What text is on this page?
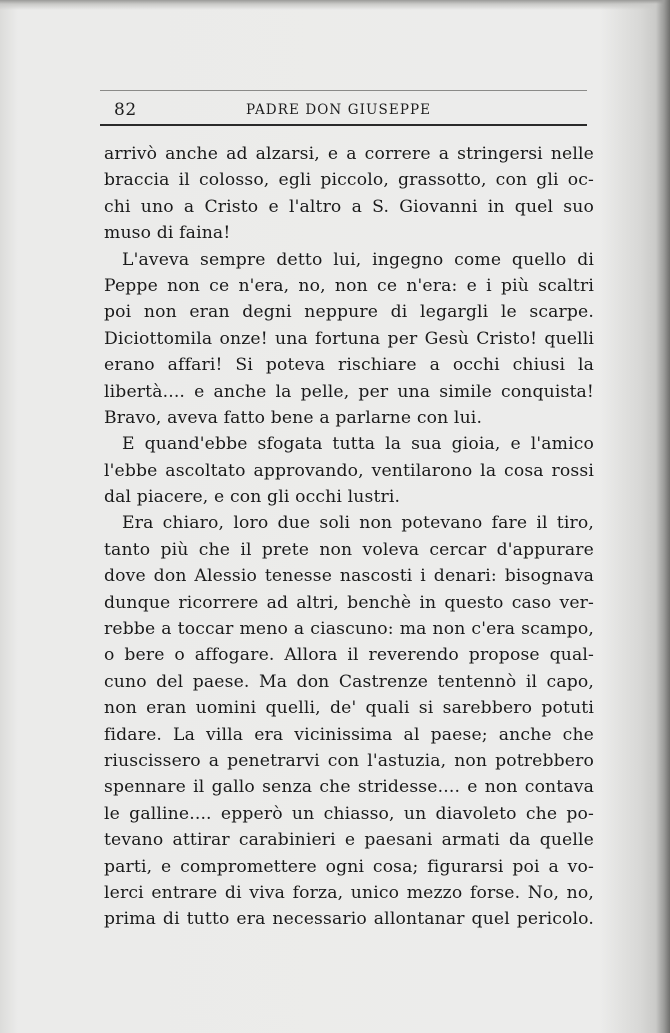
82	PADRE DON GIUSEPPE
arrivò anche ad alzarsi, e a correre a stringersi nelle
braccia il colosso, egli piccolo, grassotto, con gli oc-
chi uno a Cristo e l'altro a S. Giovanni in quel suo
muso di faina!
L'aveva sempre detto lui, ingegno come quello di
Peppe non ce n'era, no, non ce n'era: e i più scaltri
poi non eran degni neppure di legargli le scarpe.
Diciottomila onze! una fortuna per Gesù Cristo! quelli
erano affari! Si poteva rischiare a occhi chiusi la
libertà.... e anche la pelle, per una simile conquista!
Bravo, aveva fatto bene a parlarne con lui.
E quand'ebbe sfogata tutta la sua gioia, e l'amico
l'ebbe ascoltato approvando, ventilarono la cosa rossi
dal piacere, e con gli occhi lustri.
Era chiaro, loro due soli non potevano fare il tiro,
tanto più che il prete non voleva cercar d'appurare
dove don Alessio tenesse nascosti i denari: bisognava
dunque ricorrere ad altri, benchè in questo caso ver-
rebbe a toccar meno a ciascuno: ma non c'era scampo,
o bere o affogare. Allora il reverendo propose qual-
cuno del paese. Ma don Castrenze tentennò il capo,
non eran uomini quelli, de' quali si sarebbero potuti
fidare. La villa era vicinissima al paese; anche che
riuscissero a penetrarvi con l'astuzia, non potrebbero
spennare il gallo senza che stridesse.... e non contava
le galline.... epperò un chiasso, un diavoleto che po-
tevano attirar carabinieri e paesani armati da quelle
parti, e compromettere ogni cosa; figurarsi poi a vo-
lerci entrare di viva forza, unico mezzo forse. No, no,
prima di tutto era necessario allontanar quel pericolo.
